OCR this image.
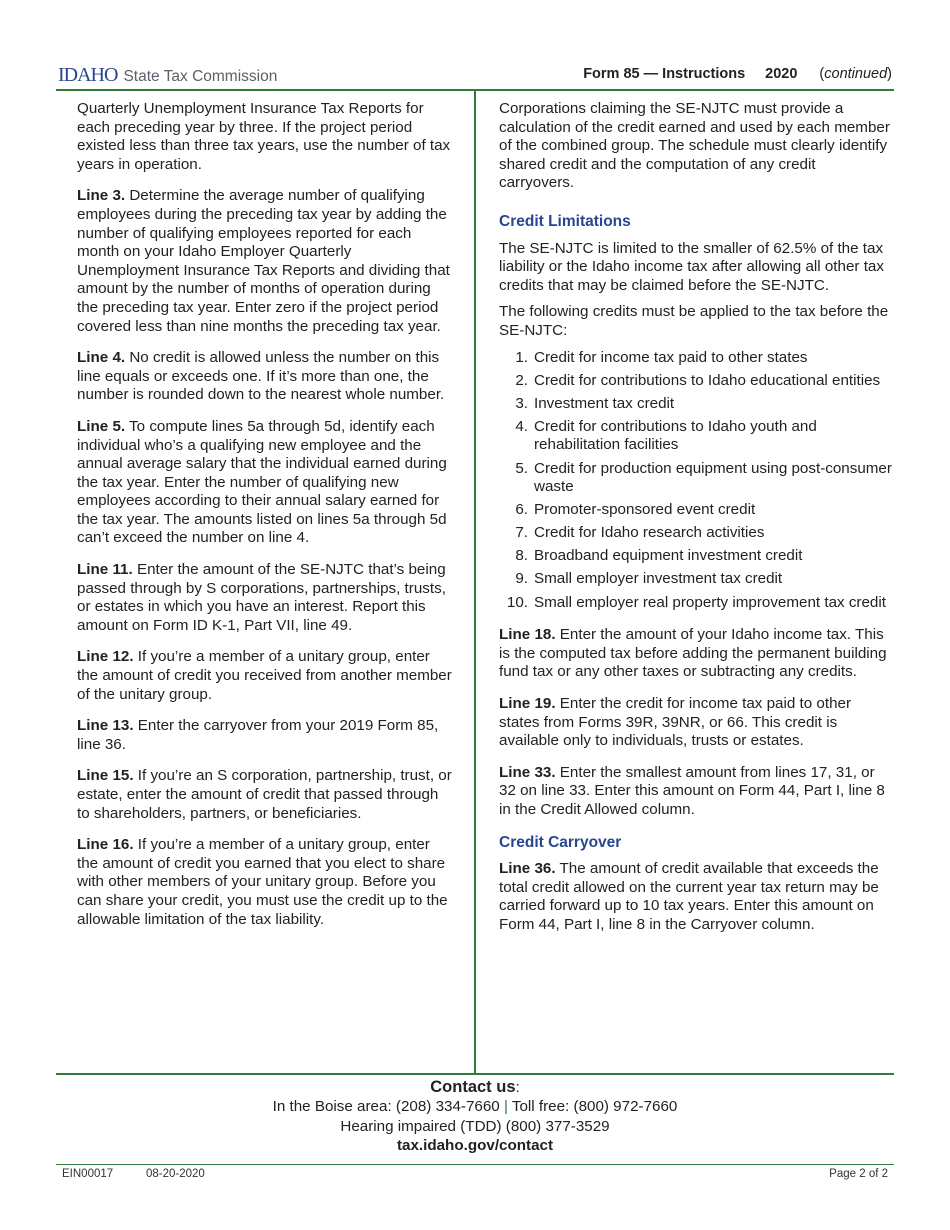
IDAHO State Tax Commission	Form 85 — Instructions 2020 (continued)

Quarterly Unemployment Insurance Tax Reports for each preceding year by three. If the project period existed less than three tax years, use the number of tax years in operation.

Line 3. Determine the average number of qualifying employees during the preceding tax year by adding the number of qualifying employees reported for each month on your Idaho Employer Quarterly Unemployment Insurance Tax Reports and dividing that amount by the number of months of operation during the preceding tax year. Enter zero if the project period covered less than nine months the preceding tax year.

Line 4. No credit is allowed unless the number on this line equals or exceeds one. If it’s more than one, the number is rounded down to the nearest whole number.

Line 5. To compute lines 5a through 5d, identify each individual who’s a qualifying new employee and the annual average salary that the individual earned during the tax year. Enter the number of qualifying new employees according to their annual salary earned for the tax year. The amounts listed on lines 5a through 5d can’t exceed the number on line 4.

Line 11. Enter the amount of the SE-NJTC that’s being passed through by S corporations, partnerships, trusts, or estates in which you have an interest. Report this amount on Form ID K-1, Part VII, line 49.

Line 12. If you’re a member of a unitary group, enter the amount of credit you received from another member of the unitary group.

Line 13. Enter the carryover from your 2019 Form 85, line 36.

Line 15. If you’re an S corporation, partnership, trust, or estate, enter the amount of credit that passed through to shareholders, partners, or beneficiaries.

Line 16. If you’re a member of a unitary group, enter the amount of credit you earned that you elect to share with other members of your unitary group. Before you can share your credit, you must use the credit up to the allowable limitation of the tax liability.

Corporations claiming the SE-NJTC must provide a calculation of the credit earned and used by each member of the combined group. The schedule must clearly identify shared credit and the computation of any credit carryovers.

Credit Limitations

The SE-NJTC is limited to the smaller of 62.5% of the tax liability or the Idaho income tax after allowing all other tax credits that may be claimed before the SE-NJTC.

The following credits must be applied to the tax before the SE-NJTC:

1. Credit for income tax paid to other states
2. Credit for contributions to Idaho educational entities
3. Investment tax credit
4. Credit for contributions to Idaho youth and rehabilitation facilities
5. Credit for production equipment using post-consumer waste
6. Promoter-sponsored event credit
7. Credit for Idaho research activities
8. Broadband equipment investment credit
9. Small employer investment tax credit
10. Small employer real property improvement tax credit

Line 18. Enter the amount of your Idaho income tax. This is the computed tax before adding the permanent building fund tax or any other taxes or subtracting any credits.

Line 19. Enter the credit for income tax paid to other states from Forms 39R, 39NR, or 66. This credit is available only to individuals, trusts or estates.

Line 33. Enter the smallest amount from lines 17, 31, or 32 on line 33. Enter this amount on Form 44, Part I, line 8 in the Credit Allowed column.

Credit Carryover

Line 36. The amount of credit available that exceeds the total credit allowed on the current year tax return may be carried forward up to 10 tax years. Enter this amount on Form 44, Part I, line 8 in the Carryover column.

Contact us:
In the Boise area: (208) 334-7660 | Toll free: (800) 972-7660
Hearing impaired (TDD) (800) 377-3529
tax.idaho.gov/contact
EIN00017	08-20-2020	Page 2 of 2
